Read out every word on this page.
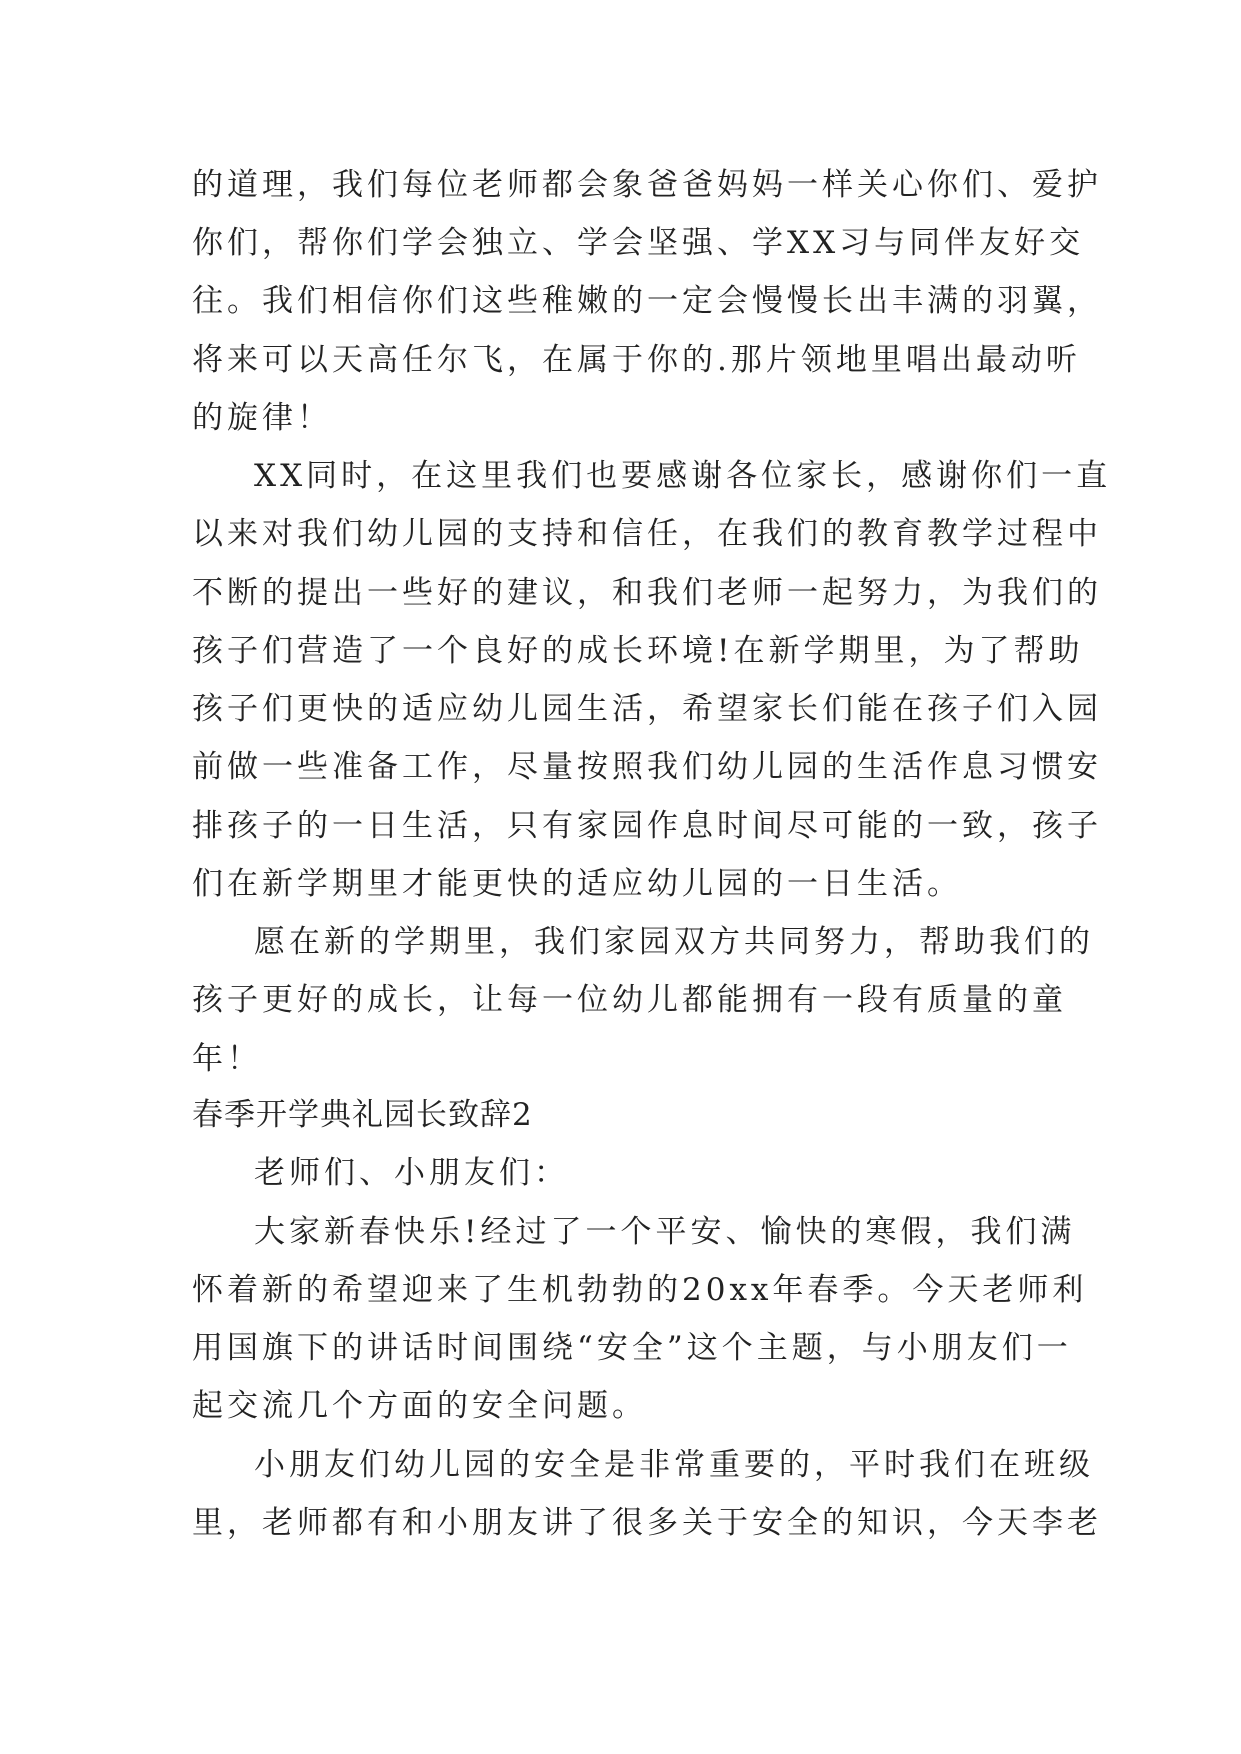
的道理，我们每位老师都会象爸爸妈妈一样关心你们、爱护
你们，帮你们学会独立、学会坚强、学XX习与同伴友好交
往。我们相信你们这些稚嫩的一定会慢慢长出丰满的羽翼，
将来可以天高任尔飞，在属于你的.那片领地里唱出最动听
的旋律！
XX同时，在这里我们也要感谢各位家长，感谢你们一直
以来对我们幼儿园的支持和信任，在我们的教育教学过程中
不断的提出一些好的建议，和我们老师一起努力，为我们的
孩子们营造了一个良好的成长环境!在新学期里，为了帮助
孩子们更快的适应幼儿园生活，希望家长们能在孩子们入园
前做一些准备工作，尽量按照我们幼儿园的生活作息习惯安
排孩子的一日生活，只有家园作息时间尽可能的一致，孩子
们在新学期里才能更快的适应幼儿园的一日生活。
愿在新的学期里，我们家园双方共同努力，帮助我们的
孩子更好的成长，让每一位幼儿都能拥有一段有质量的童
年！
春季开学典礼园长致辞2
老师们、小朋友们：
大家新春快乐!经过了一个平安、愉快的寒假，我们满
怀着新的希望迎来了生机勃勃的20xx年春季。今天老师利
用国旗下的讲话时间围绕“安全”这个主题，与小朋友们一
起交流几个方面的安全问题。
小朋友们幼儿园的安全是非常重要的，平时我们在班级
里，老师都有和小朋友讲了很多关于安全的知识，今天李老
